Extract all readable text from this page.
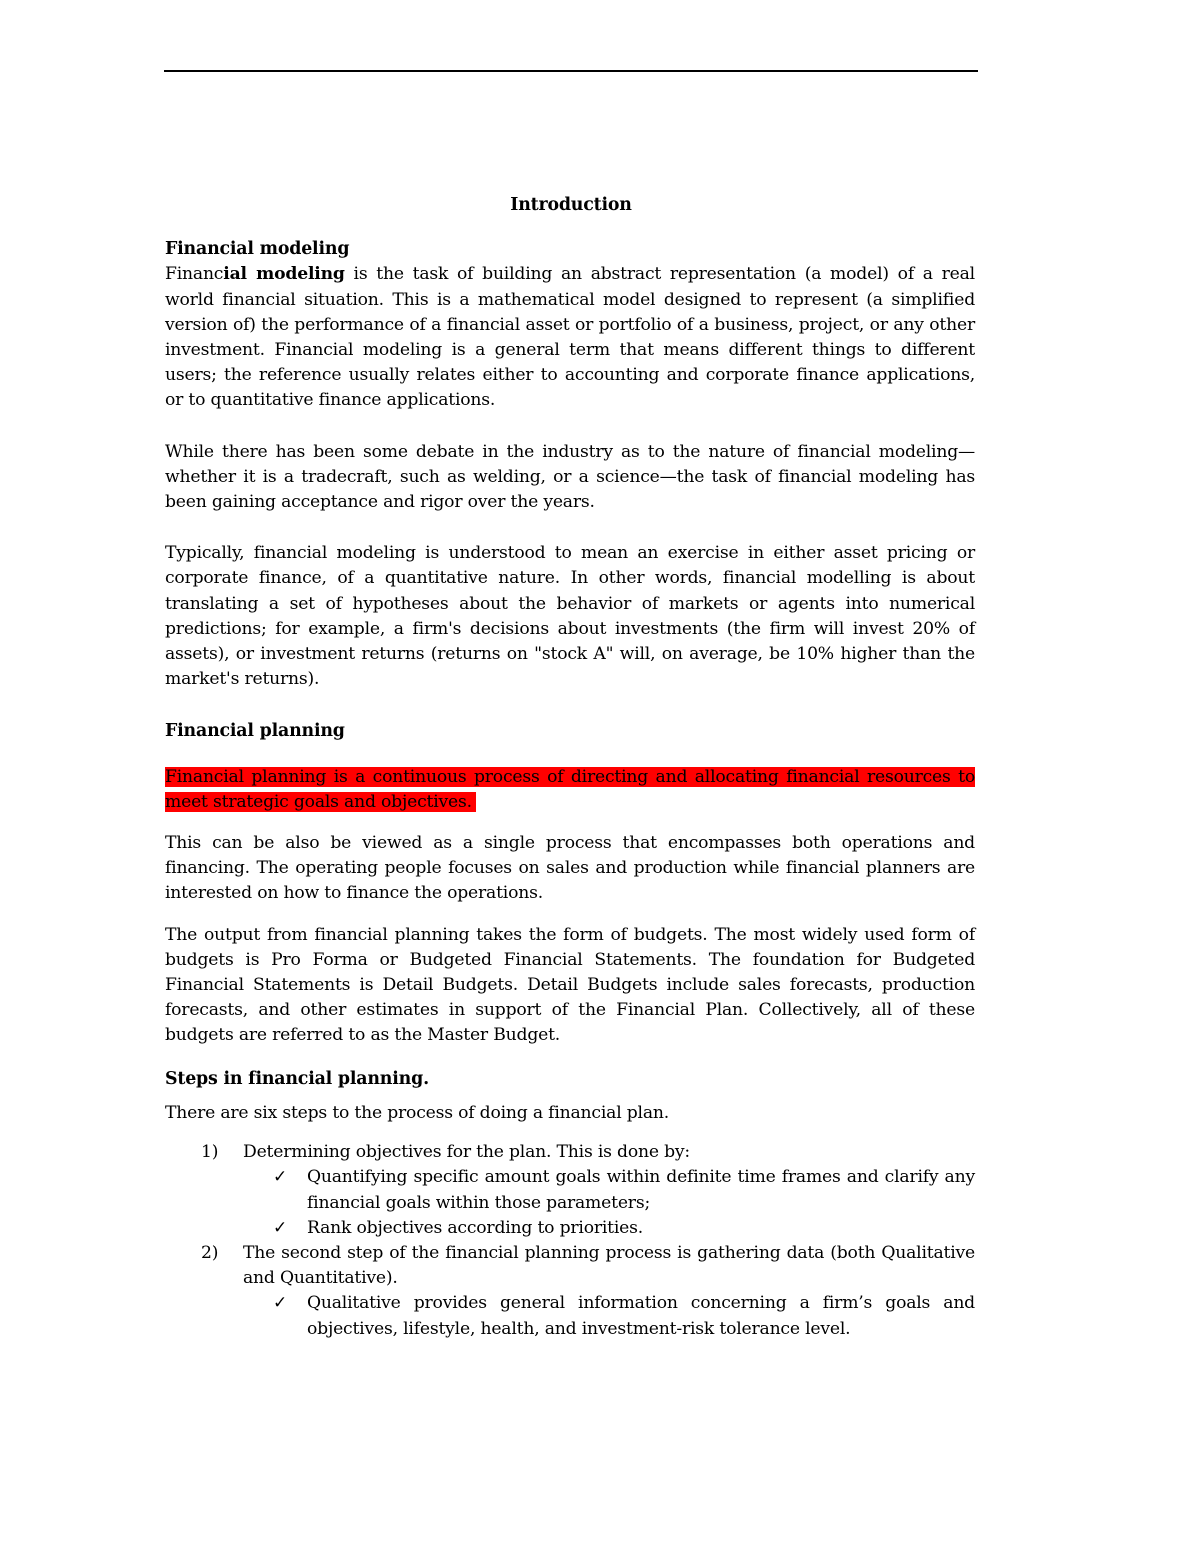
Introduction
Financial modeling

Financial modeling is the task of building an abstract representation (a model) of a real world financial situation. This is a mathematical model designed to represent (a simplified version of) the performance of a financial asset or portfolio of a business, project, or any other investment. Financial modeling is a general term that means different things to different users; the reference usually relates either to accounting and corporate finance applications, or to quantitative finance applications.

While there has been some debate in the industry as to the nature of financial modeling—whether it is a tradecraft, such as welding, or a science—the task of financial modeling has been gaining acceptance and rigor over the years.

Typically, financial modeling is understood to mean an exercise in either asset pricing or corporate finance, of a quantitative nature. In other words, financial modelling is about translating a set of hypotheses about the behavior of markets or agents into numerical predictions; for example, a firm's decisions about investments (the firm will invest 20% of assets), or investment returns (returns on "stock A" will, on average, be 10% higher than the market's returns).

Financial planning

Financial planning is a continuous process of directing and allocating financial resources to meet strategic goals and objectives.

This can be also be viewed as a single process that encompasses both operations and financing. The operating people focuses on sales and production while financial planners are interested on how to finance the operations.

The output from financial planning takes the form of budgets. The most widely used form of budgets is Pro Forma or Budgeted Financial Statements. The foundation for Budgeted Financial Statements is Detail Budgets. Detail Budgets include sales forecasts, production forecasts, and other estimates in support of the Financial Plan. Collectively, all of these budgets are referred to as the Master Budget.

Steps in financial planning.

There are six steps to the process of doing a financial plan.

1) Determining objectives for the plan. This is done by:
✓ Quantifying specific amount goals within definite time frames and clarify any financial goals within those parameters;
✓ Rank objectives according to priorities.
2) The second step of the financial planning process is gathering data (both Qualitative and Quantitative).
✓ Qualitative provides general information concerning a firm’s goals and objectives, lifestyle, health, and investment-risk tolerance level.
